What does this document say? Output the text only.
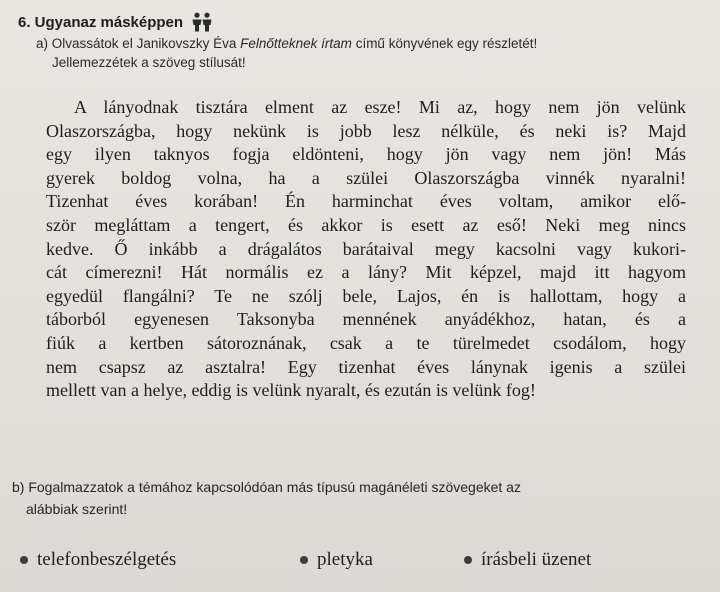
6. Ugyanaz másképpen
a) Olvassátok el Janikovszky Éva Felnőtteknek írtam című könyvének egy részletét!
Jellemezzétek a szöveg stílusát!
A lányodnak tisztára elment az esze! Mi az, hogy nem jön velünk
Olaszországba, hogy nekünk is jobb lesz nélküle, és neki is? Majd
egy ilyen taknyos fogja eldönteni, hogy jön vagy nem jön! Más
gyerek boldog volna, ha a szülei Olaszországba vinnék nyaralni!
Tizenhat éves korában! Én harminchat éves voltam, amikor elő-
ször megláttam a tengert, és akkor is esett az eső! Neki meg nincs
kedve. Ő inkább a drágalátos barátaival megy kacsolni vagy kukori-
cát címerezni! Hát normális ez a lány? Mit képzel, majd itt hagyom
egyedül flangálni? Te ne szólj bele, Lajos, én is hallottam, hogy a
táborból egyenesen Taksonyba mennének anyádékhoz, hatan, és a
fiúk a kertben sátoroznának, csak a te türelmedet csodálom, hogy
nem csapsz az asztalra! Egy tizenhat éves lánynak igenis a szülei
mellett van a helye, eddig is velünk nyaralt, és ezután is velünk fog!
b) Fogalmazzatok a témához kapcsolódóan más típusú magánéleti szövegeket az
alábbiak szerint!
telefonbeszélgetés	pletyka	írásbeli üzenet
